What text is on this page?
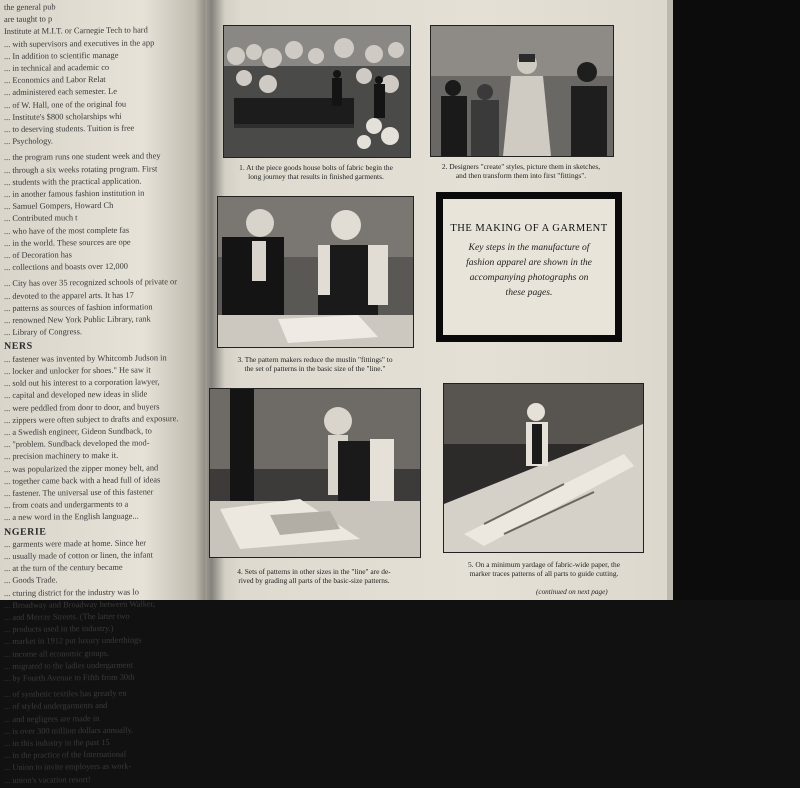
the general pub

are taught to p

Institute at M.I.T. or Carnegie Tech to hard

... with supervisors and executives in the app

... In addition to scientific manage

... in technical and academic co

... Economics and Labor Relat

... administered each semester. Le

... of W. Hall, one of the original fou

... Institute's $800 scholarships whi

... to deserving students. Tuition is free

... Psychology.

... the program runs one student week and they

... through a six weeks rotating program. First

... students with the practical application.

... in another famous fashion institution in

... Samuel Gompers, Howard Ch

... Contributed much t

... who have of the most complete fas

... in the world. These sources are ope

... of Decoration has

... collections and boasts over 12,000

... City has over 35 recognized schools of private or

... devoted to the apparel arts. It has 17

... patterns as sources of fashion information

... renowned New York Public Library, rank

... Library of Congress.

NERS

... fastener was invented by Whitcomb Judson in

... locker and unlocker for shoes." He saw it

... sold out his interest to a corporation lawyer,

... capital and developed new ideas in slide

... were peddled from door to door, and buyers

... zippers were often subject to drafts and exposure.

... a Swedish engineer, Gideon Sundback, to

... "problem. Sundback developed the mod-

... precision machinery to make it.

... was popularized the zipper money belt, and

... together came back with a head full of ideas

... fastener. The universal use of this fastener

... from coats and undergarments to a

... a new word in the English language...

NGERIE

... garments were made at home. Since her

... usually made of cotton or linen, the infant

... at the turn of the century became

... Goods Trade.

... cturing district for the industry was lo

... Broadway and Broadway between Walker,

... and Mercer Streets. (The latter two

... products used in the industry.)

... market in 1912 put luxury underthings

... income all economic groups.

... migrated to the ladies undergarment

... by Fourth Avenue to Fifth from 30th

... of synthetic textiles has greatly en

... of styled undergarments and

... and negligees are made in

... is over 300 million dollars annually.

... in this industry in the past 15

... in the practice of the International

... Union to invite employers as work-

... union's vacation resort!

1. At the piece goods house bolts of fabric begin the
long journey that results in finished garments.
2. Designers "create" styles, picture them in sketches,
and then transform them into first "fittings".
3. The pattern makers reduce the muslin "fittings" to
the set of patterns in the basic size of the "line."
THE MAKING OF A GARMENT
Key steps in the manufacture of
fashion apparel are shown in the
accompanying photographs on
these pages.
4. Sets of patterns in other sizes in the "line" are de-
rived by grading all parts of the basic-size patterns.
5. On a minimum yardage of fabric-wide paper, the
marker traces patterns of all parts to guide cutting.
(continued on next page)
